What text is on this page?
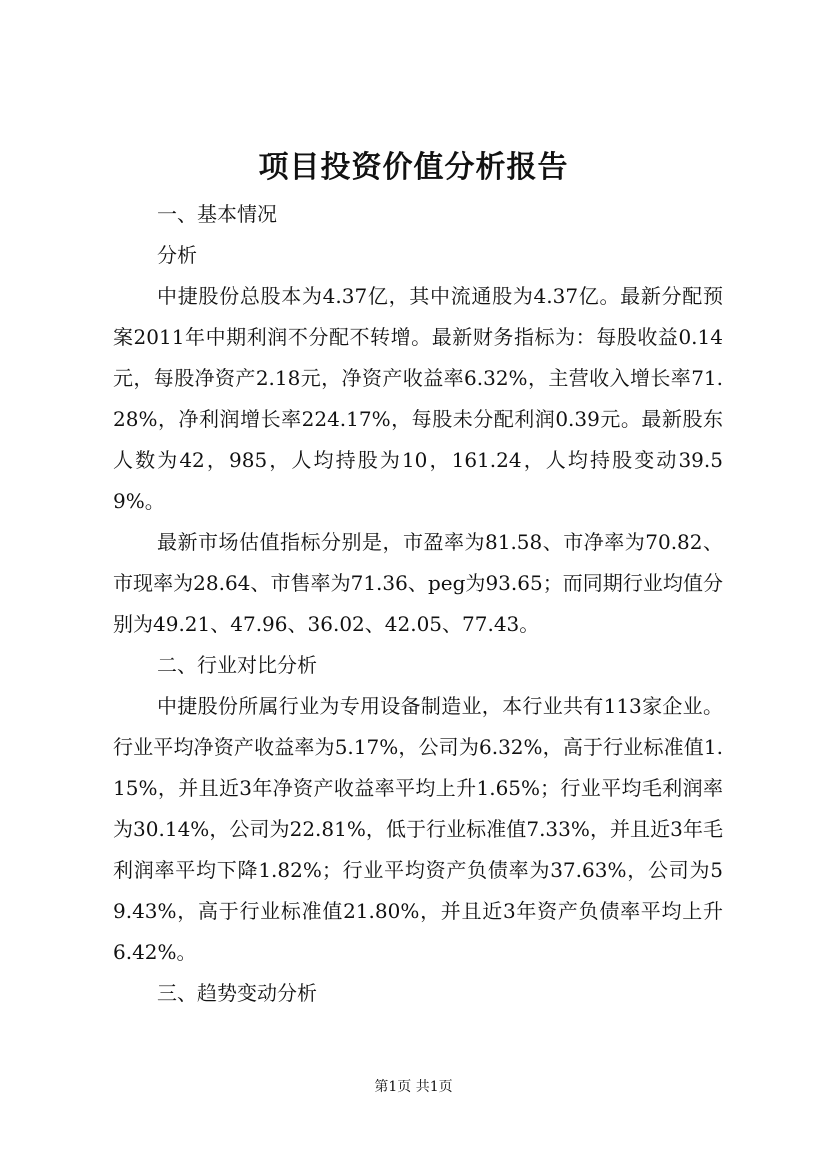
项目投资价值分析报告

一、基本情况

分析

中捷股份总股本为4.37亿，其中流通股为4.37亿。最新分配预案2011年中期利润不分配不转增。最新财务指标为：每股收益0.14元，每股净资产2.18元，净资产收益率6.32%，主营收入增长率71.28%，净利润增长率224.17%，每股未分配利润0.39元。最新股东人数为42，985，人均持股为10，161.24，人均持股变动39.59%。

最新市场估值指标分别是，市盈率为81.58、市净率为70.82、市现率为28.64、市售率为71.36、peg为93.65；而同期行业均值分别为49.21、47.96、36.02、42.05、77.43。

二、行业对比分析

中捷股份所属行业为专用设备制造业，本行业共有113家企业。行业平均净资产收益率为5.17%，公司为6.32%，高于行业标准值1.15%，并且近3年净资产收益率平均上升1.65%；行业平均毛利润率为30.14%，公司为22.81%，低于行业标准值7.33%，并且近3年毛利润率平均下降1.82%；行业平均资产负债率为37.63%，公司为59.43%，高于行业标准值21.80%，并且近3年资产负债率平均上升6.42%。

三、趋势变动分析

第1页 共1页
